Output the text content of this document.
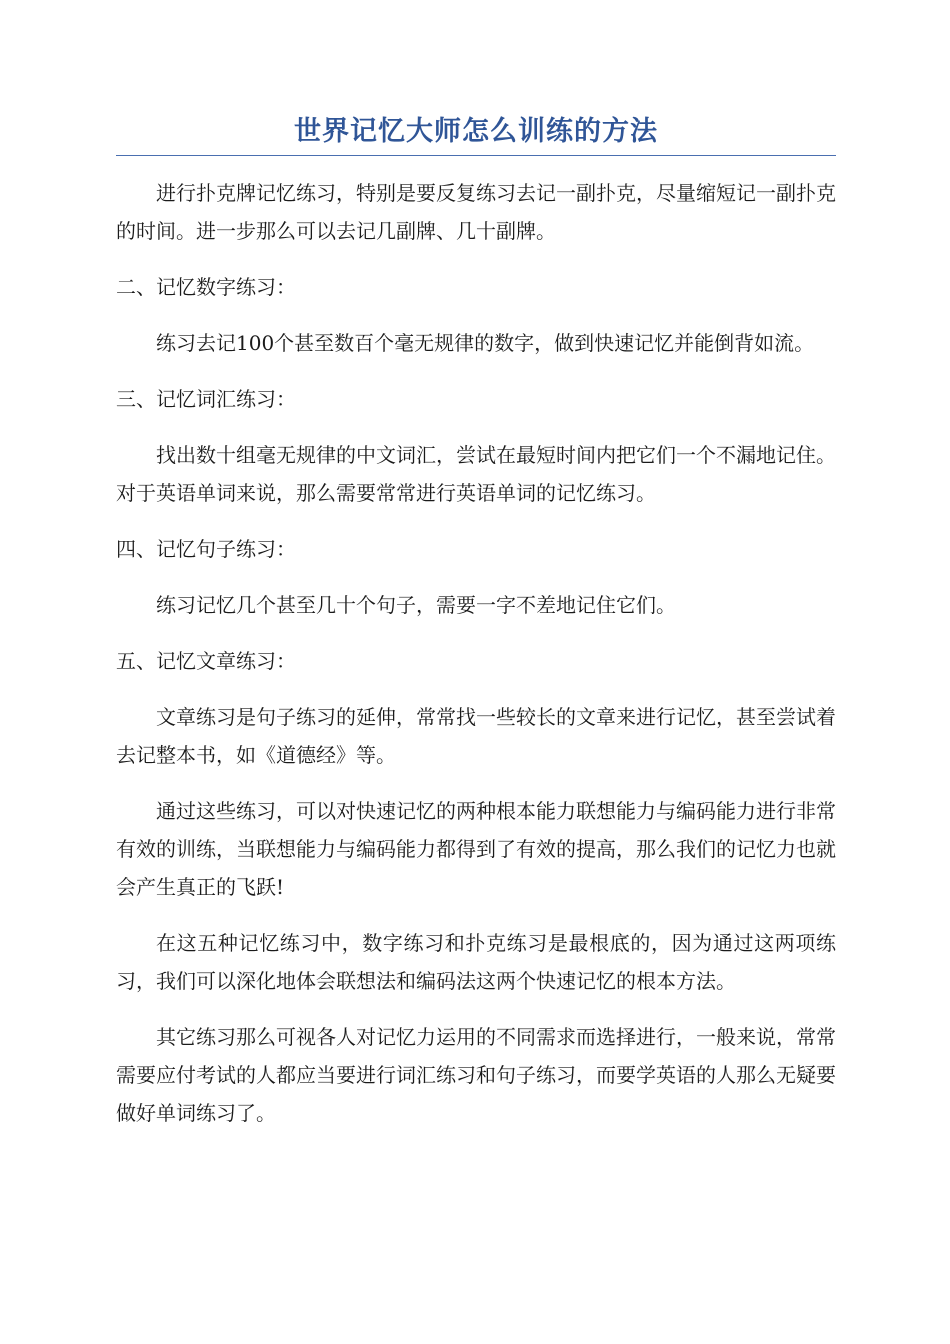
世界记忆大师怎么训练的方法

进行扑克牌记忆练习，特别是要反复练习去记一副扑克，尽量缩短记一副扑克的时间。进一步那么可以去记几副牌、几十副牌。

二、记忆数字练习：

练习去记100个甚至数百个毫无规律的数字，做到快速记忆并能倒背如流。

三、记忆词汇练习：

找出数十组毫无规律的中文词汇，尝试在最短时间内把它们一个不漏地记住。对于英语单词来说，那么需要常常进行英语单词的记忆练习。

四、记忆句子练习：

练习记忆几个甚至几十个句子，需要一字不差地记住它们。

五、记忆文章练习：

文章练习是句子练习的延伸，常常找一些较长的文章来进行记忆，甚至尝试着去记整本书，如《道德经》等。

通过这些练习，可以对快速记忆的两种根本能力联想能力与编码能力进行非常有效的训练，当联想能力与编码能力都得到了有效的提高，那么我们的记忆力也就会产生真正的飞跃!

在这五种记忆练习中，数字练习和扑克练习是最根底的，因为通过这两项练习，我们可以深化地体会联想法和编码法这两个快速记忆的根本方法。

其它练习那么可视各人对记忆力运用的不同需求而选择进行，一般来说，常常需要应付考试的人都应当要进行词汇练习和句子练习，而要学英语的人那么无疑要做好单词练习了。
